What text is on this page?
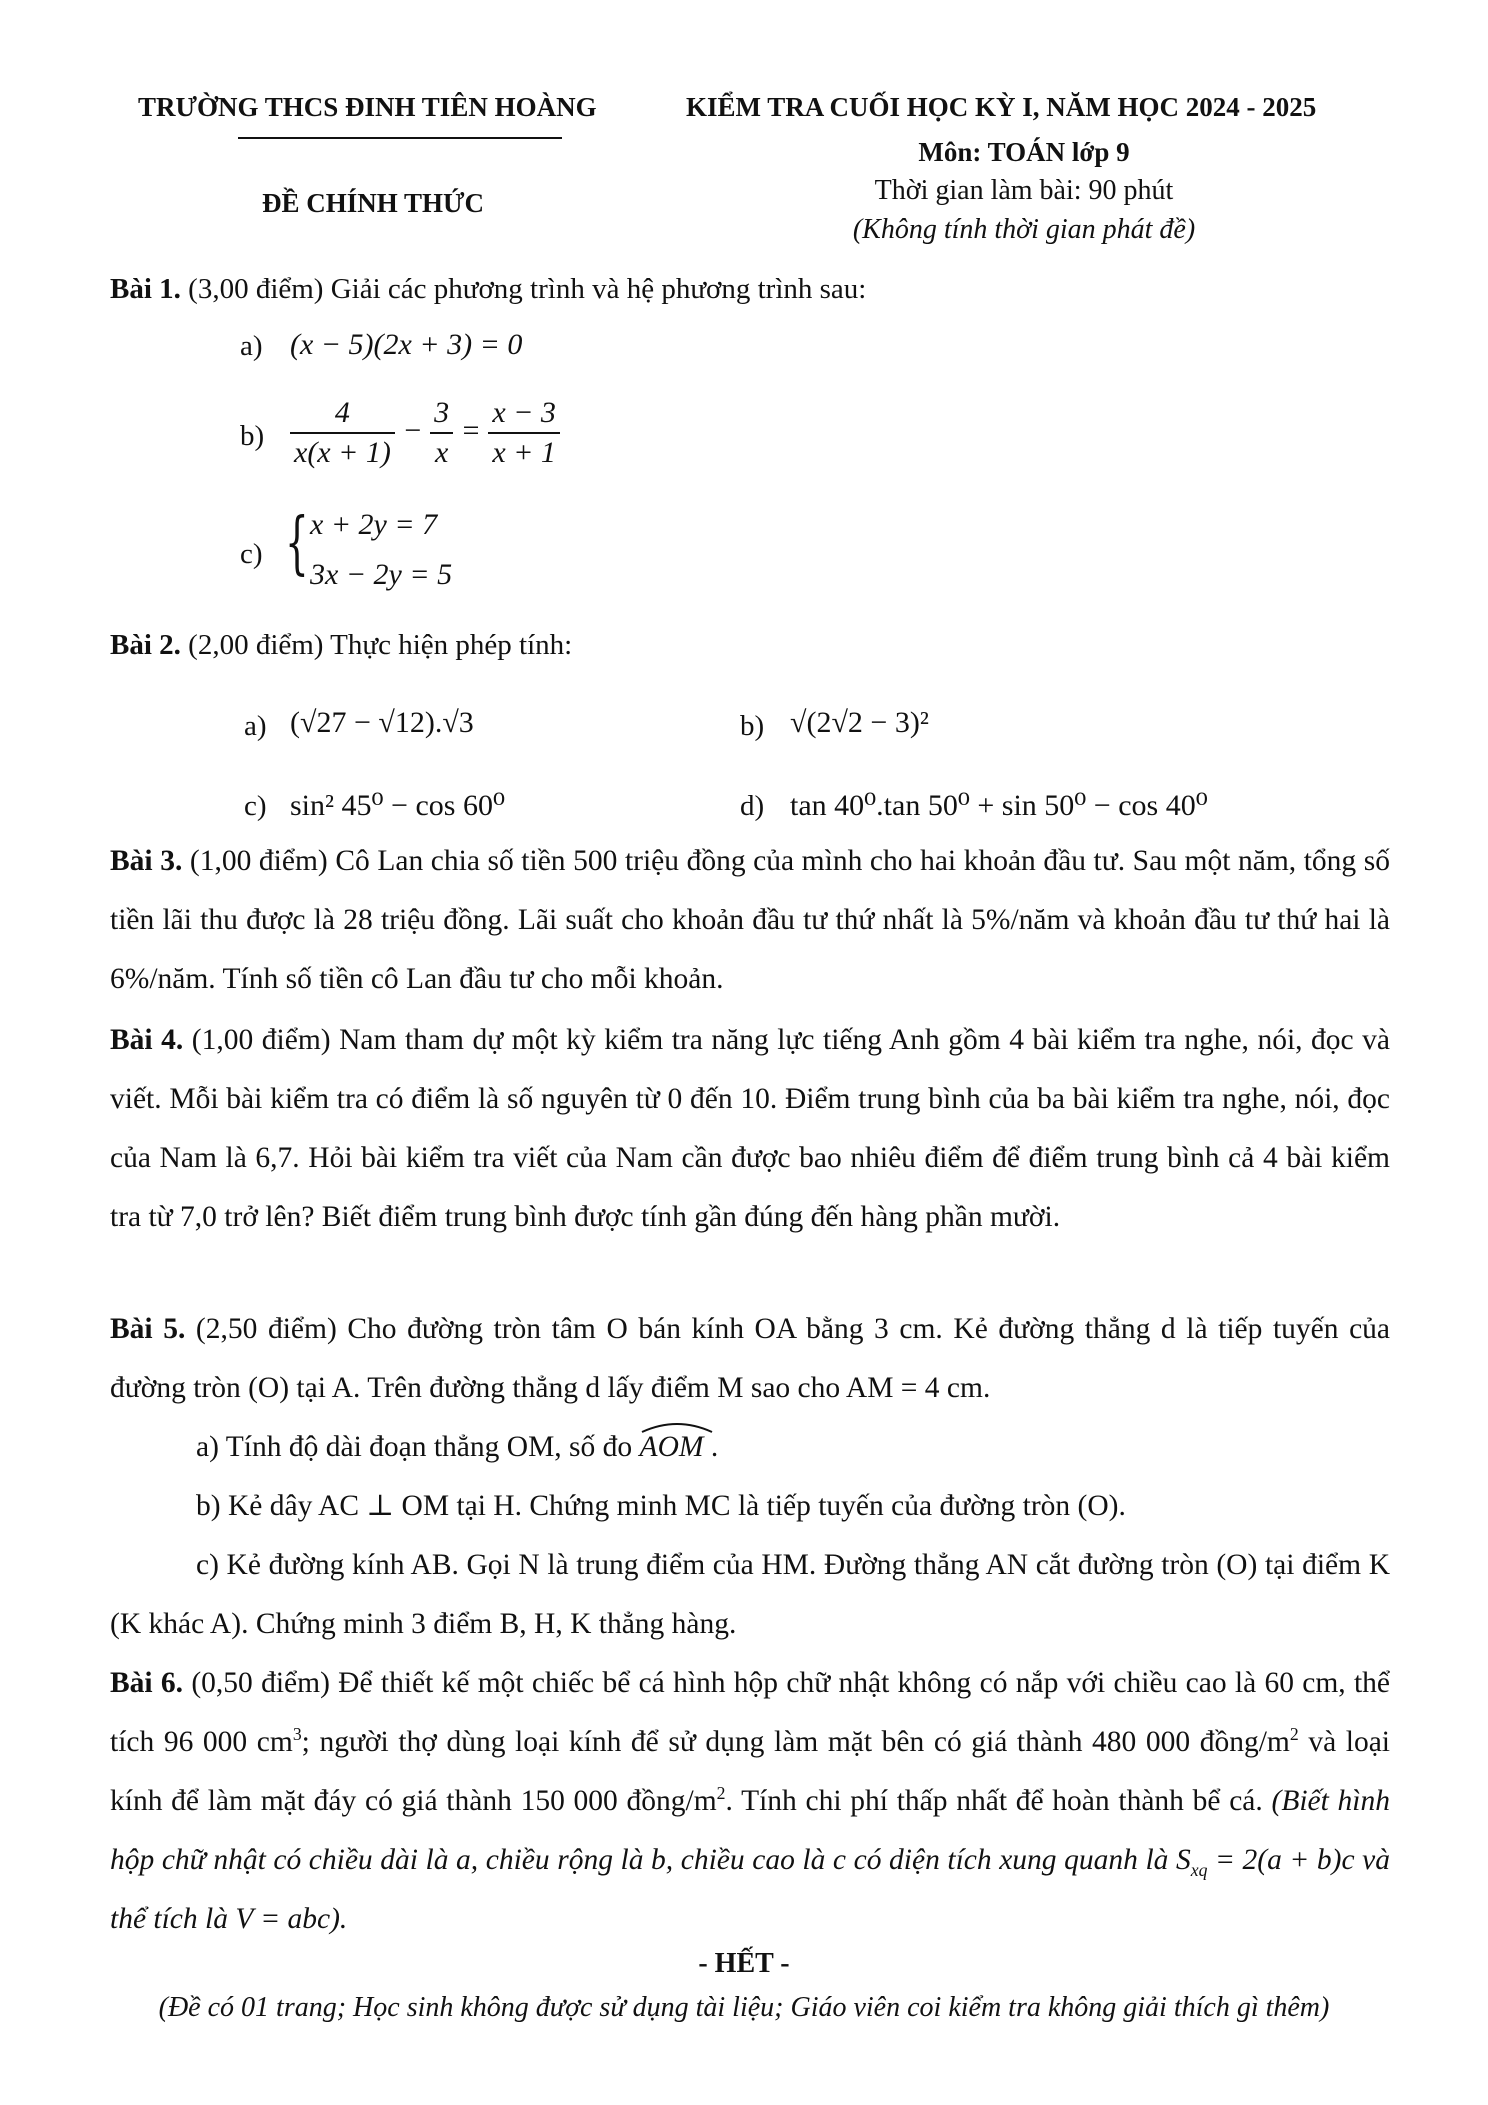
TRƯỜNG THCS ĐINH TIÊN HOÀNG
ĐỀ CHÍNH THỨC
KIỂM TRA CUỐI HỌC KỲ I, NĂM HỌC 2024 - 2025
Môn: TOÁN lớp 9
Thời gian làm bài: 90 phút
(Không tính thời gian phát đề)
Bài 1. (3,00 điểm) Giải các phương trình và hệ phương trình sau:
a) (x − 5)(2x + 3) = 0
$b) \frac{4}{x(x + 1)} - \frac{3}{x} = \frac{x - 3}{x + 1}$
c) { x + 2y = 7
3x − 2y = 5
Bài 2. (2,00 điểm) Thực hiện phép tính:
a) (√27 − √12).√3	b) √(2√2 − 3)²
c) sin² 45⁰ − cos 60⁰	d) tan 40⁰.tan 50⁰ + sin 50⁰ − cos 40⁰
Bài 3. (1,00 điểm) Cô Lan chia số tiền 500 triệu đồng của mình cho hai khoản đầu tư. Sau một năm, tổng số tiền lãi thu được là 28 triệu đồng. Lãi suất cho khoản đầu tư thứ nhất là 5%/năm và khoản đầu tư thứ hai là 6%/năm. Tính số tiền cô Lan đầu tư cho mỗi khoản.
Bài 4. (1,00 điểm) Nam tham dự một kỳ kiểm tra năng lực tiếng Anh gồm 4 bài kiểm tra nghe, nói, đọc và viết. Mỗi bài kiểm tra có điểm là số nguyên từ 0 đến 10. Điểm trung bình của ba bài kiểm tra nghe, nói, đọc của Nam là 6,7. Hỏi bài kiểm tra viết của Nam cần được bao nhiêu điểm để điểm trung bình cả 4 bài kiểm tra từ 7,0 trở lên? Biết điểm trung bình được tính gần đúng đến hàng phần mười.
Bài 5. (2,50 điểm) Cho đường tròn tâm O bán kính OA bằng 3 cm. Kẻ đường thẳng d là tiếp tuyến của đường tròn (O) tại A. Trên đường thẳng d lấy điểm M sao cho AM = 4 cm.
a) Tính độ dài đoạn thẳng OM, số đo
AOM .
b) Kẻ dây AC ⊥ OM tại H. Chứng minh MC là tiếp tuyến của đường tròn (O).
c) Kẻ đường kính AB. Gọi N là trung điểm của HM. Đường thẳng AN cắt đường tròn (O) tại điểm K (K khác A). Chứng minh 3 điểm B, H, K thẳng hàng.
Bài 6. (0,50 điểm) Để thiết kế một chiếc bể cá hình hộp chữ nhật không có nắp với chiều cao là 60 cm, thể tích 96 000 $cm^3$; người thợ dùng loại kính để sử dụng làm mặt bên có giá thành 480 000 đồng/$m^2$ và loại kính để làm mặt đáy có giá thành 150 000 đồng/$m^2$. Tính chi phí thấp nhất để hoàn thành bể cá. (Biết hình hộp chữ nhật có chiều dài là a, chiều rộng là b, chiều cao là c có diện tích xung quanh là $S_{xq} = 2(a + b)c$ và thể tích là V = abc).
- HẾT -
(Đề có 01 trang; Học sinh không được sử dụng tài liệu; Giáo viên coi kiểm tra không giải thích gì thêm)
